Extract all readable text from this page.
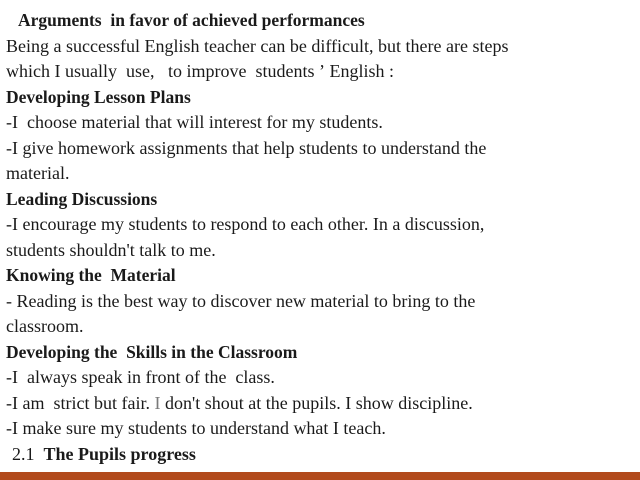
Arguments  in favor of achieved performances

Being a successful English teacher can be difficult, but there are steps

which I usually  use,   to improve  students ʼ English :

Developing Lesson Plans

-I  choose material that will interest for my students.

-I give homework assignments that help students to understand the

material.

Leading Discussions

-I encourage my students to respond to each other. In a discussion,

students shouldn't talk to me.

Knowing the  Material

- Reading is the best way to discover new material to bring to the

classroom.

Developing the  Skills in the Classroom

-I  always speak in front of the  class.

-I am  strict but fair. I don't shout at the pupils. I show discipline.

-I make sure my students to understand what I teach.

2.1 The Pupils progress
